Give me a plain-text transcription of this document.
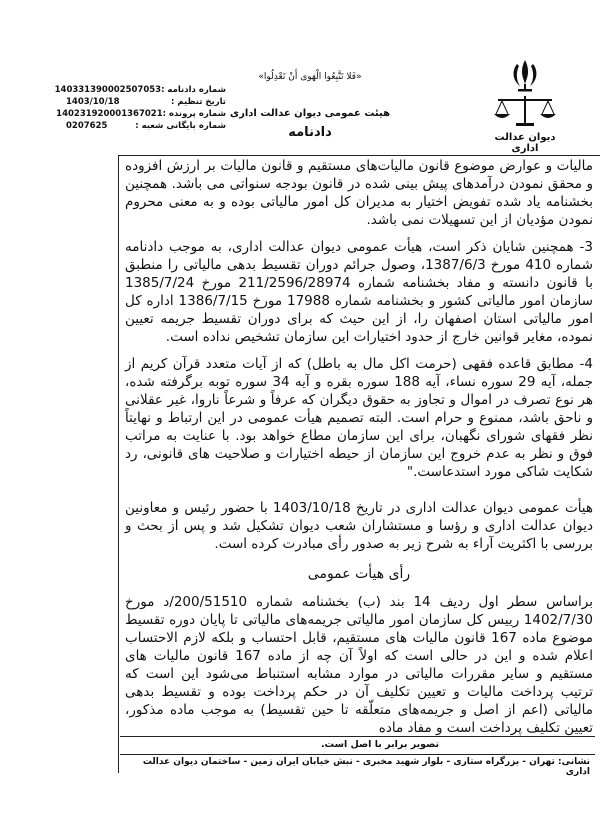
دیوان عدالت اداری
«فَلا تَتَّبِعُوا الْهَوى أَنْ تَعْدِلُوا»
هیئت عمومی دیوان عدالت اداری
دادنامه
شماره دادنامه :
140331390002507053
تاریخ تنظیم :
1403/10/18
شماره پرونده :
140231920001367021
شماره بایگانی شعبه :
0207625

مالیات و عوارض موضوع قانون مالیات‌های مستقیم و قانون مالیات بر ارزش افزوده و محقق نمودن درآمدهای پیش بینی شده در قانون بودجه سنواتی می باشد. همچنین بخشنامه یاد شده تفویض اختیار به مدیران کل امور مالیاتی بوده و به معنی محروم نمودن مؤدیان از این تسهیلات نمی باشد.

3- همچنین شایان ذکر است، هیأت عمومی دیوان عدالت اداری، به موجب دادنامه شماره 410 مورخ 1387/6/3، وصول جرائم دوران تقسیط بدهی مالیاتی را منطبق با قانون دانسته و مفاد بخشنامه شماره 211/2596/28974 مورخ 1385/7/24 سازمان امور مالیاتی کشور و بخشنامه شماره 17988 مورخ 1386/7/15 اداره کل امور مالیاتی استان اصفهان را، از این حیث که برای دوران تقسیط جریمه تعیین نموده، مغایر قوانین خارج از حدود اختیارات این سازمان تشخیص نداده است.

4- مطابق قاعده فقهی (حرمت اکل مال به باطل) که از آیات متعدد قرآن کریم از جمله، آیه 29 سوره نساء، آیه 188 سوره بقره و آیه 34 سوره توبه برگرفته شده، هر نوع تصرف در اموال و تجاوز به حقوق دیگران که عرفاً و شرعاً ناروا، غیر عقلانی و ناحق باشد، ممنوع و حرام است. البته تصمیم هیأت عمومی در این ارتباط و نهایتاً نظر فقهای شورای نگهبان، برای این سازمان مطاع خواهد بود. با عنایت به مراتب فوق و نظر به عدم خروج این سازمان از حیطه اختیارات و صلاحیت های قانونی، رد شکایت شاکی مورد استدعاست."

هیأت عمومی دیوان عدالت اداری در تاریخ 1403/10/18 با حضور رئیس و معاونین دیوان عدالت اداری و رؤسا و مستشاران شعب دیوان تشکیل شد و پس از بحث و بررسی با اکثریت آراء به شرح زیر به صدور رأی مبادرت کرده است.

رأی هیأت عمومی

براساس سطر اول ردیف 14 بند (ب) بخشنامه شماره 200/51510/د مورخ 1402/7/30 رییس کل سازمان امور مالیاتی جریمه‌های مالیاتی تا پایان دوره تقسیط موضوع ماده 167 قانون مالیات های مستقیم، قابل احتساب و بلکه لازم الاحتساب اعلام شده و این در حالی است که اولاً آن چه از ماده 167 قانون مالیات های مستقیم و سایر مقررات مالیاتی در موارد مشابه استنباط می‌شود این است که ترتیب پرداخت مالیات و تعیین تکلیف آن در حکم پرداخت بوده و تقسیط بدهی مالیاتی (اعم از اصل و جریمه‌های متعلّقه تا حین تقسیط) به موجب ماده مذکور، تعیین تکلیف پرداخت است و مفاد ماده

تصویر برابر با اصل است.
نشانی: تهران - بزرگراه ستاری - بلوار شهید مخبری - نبش خیابان ایران زمین - ساختمان دیوان عدالت اداری
